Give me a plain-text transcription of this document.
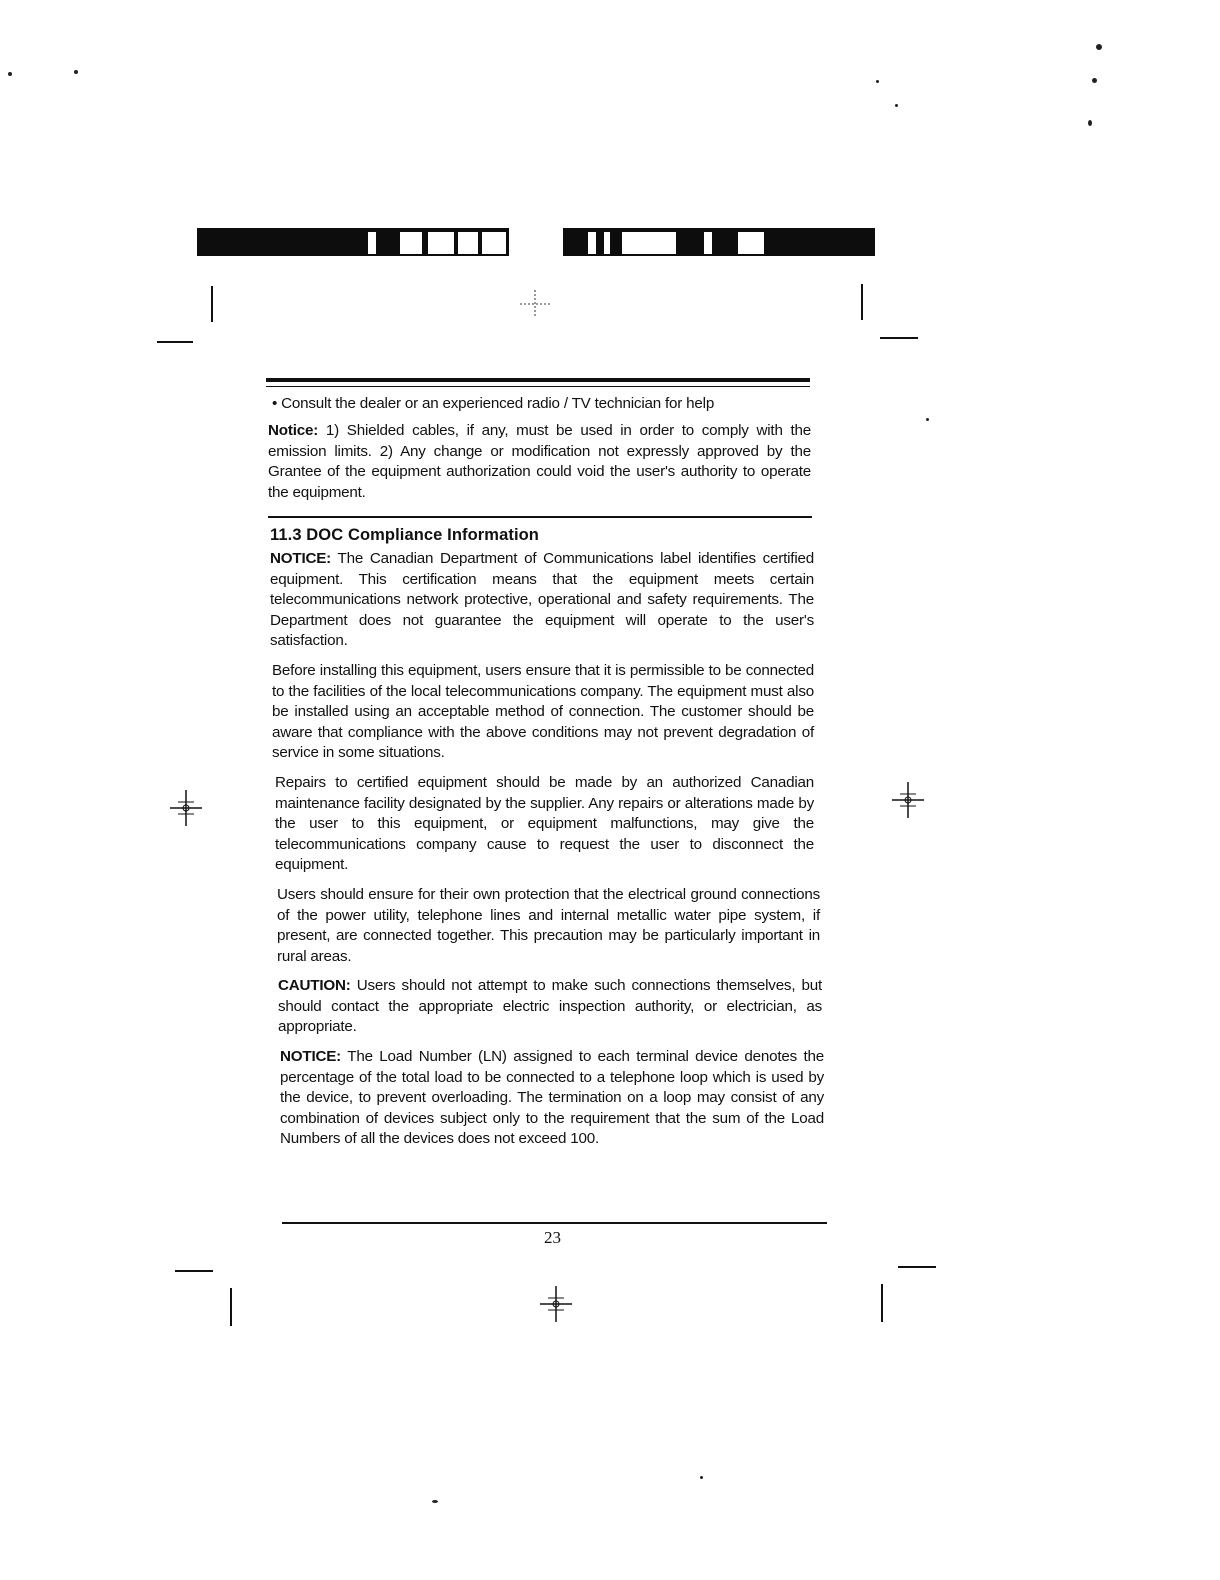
• Consult the dealer or an experienced radio / TV technician for help
Notice: 1) Shielded cables, if any, must be used in order to comply with the emission limits. 2) Any change or modification not expressly approved by the Grantee of the equipment authorization could void the user's authority to operate the equipment.
11.3 DOC Compliance Information

NOTICE: The Canadian Department of Communications label identifies certified equipment. This certification means that the equipment meets certain telecommunications network protective, operational and safety requirements. The Department does not guarantee the equipment will operate to the user's satisfaction.

Before installing this equipment, users ensure that it is permissible to be connected to the facilities of the local telecommunications company. The equipment must also be installed using an acceptable method of connection. The customer should be aware that compliance with the above conditions may not prevent degradation of service in some situations.

Repairs to certified equipment should be made by an authorized Canadian maintenance facility designated by the supplier. Any repairs or alterations made by the user to this equipment, or equipment malfunctions, may give the telecommunications company cause to request the user to disconnect the equipment.

Users should ensure for their own protection that the electrical ground connections of the power utility, telephone lines and internal metallic water pipe system, if present, are connected together. This precaution may be particularly important in rural areas.

CAUTION: Users should not attempt to make such connections themselves, but should contact the appropriate electric inspection authority, or electrician, as appropriate.

NOTICE: The Load Number (LN) assigned to each terminal device denotes the percentage of the total load to be connected to a telephone loop which is used by the device, to prevent overloading. The termination on a loop may consist of any combination of devices subject only to the requirement that the sum of the Load Numbers of all the devices does not exceed 100.

23
